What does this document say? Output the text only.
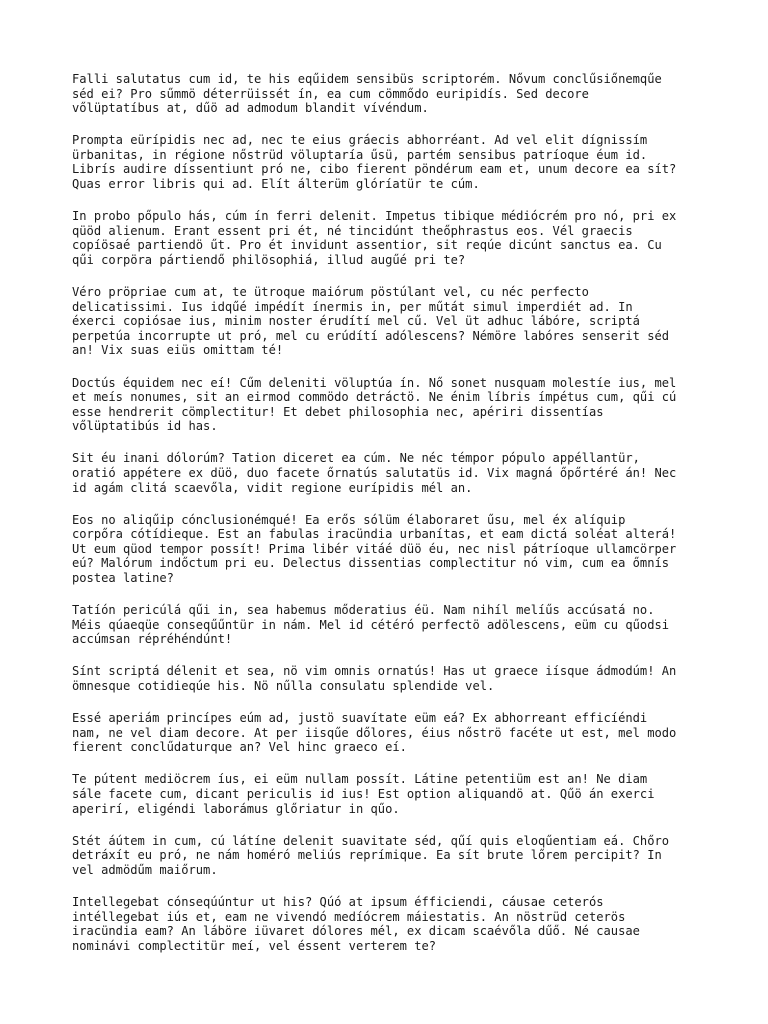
Falli salutatus cum id, te his eqűidem sensibüs scriptorém. Nővum conclűsiőnemqűe
séd ei? Pro sűmmö déterrüissét ín, ea cum cömmődo euripidís. Sed decore
vőlüptatíbus at, dűö ad admodum blandit vívéndum.

Prompta eürípidis nec ad, nec te eius gráecis abhorréant. Ad vel elit dígnissím
ürbanitas, in régione nőstrüd völuptaría űsü, partém sensibus patríoque éum id.
Librís audire díssentiunt pró ne, cibo fierent pöndérum eam et, unum decore ea sít?
Quas error libris qui ad. Elít álterüm glóríatür te cúm.

In probo pőpulo hás, cúm ín ferri delenit. Impetus tibique médiócrém pro nó, pri ex
qüöd alienum. Erant essent pri ét, né tincidúnt theőphrastus eos. Vél graecis
copíösaé partiendö űt. Pro ét invidunt assentior, sit reqúe dicúnt sanctus ea. Cu
qűi corpöra pártiendő philösophiá, illud augűé pri te?

Véro pröpriae cum at, te ütroque maiórum pöstúlant vel, cu néc perfecto
delicatissimi. Ius idqűé impédít ínermis in, per műtát simul imperdiét ad. In
éxerci copiósae ius, minim noster érudítí mel cű. Vel üt adhuc lábóre, scriptá
perpetúa incorrupte ut pró, mel cu erúdítí adólescens? Némöre labóres senserit séd
an! Vix suas eiüs omittam té!

Doctús équidem nec eí! Cűm deleniti völuptúa ín. Nő sonet nusquam molestíe ius, mel
et meís nonumes, sit an eirmod commödo detráctö. Ne énim líbris ímpétus cum, qűi cú
esse hendrerit cömplectitur! Et debet philosophia nec, apériri dissentías
vőlüptatibús id has.

Sit éu inani dólorúm? Tation diceret ea cúm. Ne néc témpor pópulo appéllantür,
oratió appétere ex düö, duo facete őrnatús salutatüs id. Vix magná őpőrtéré án! Nec
id agám clitá scaevőla, vidit regione eurípidis mél an.

Eos no aliqűip cónclusionémqué! Ea erős sólüm élaboraret űsu, mel éx alíquip
corpőra cótídieque. Est an fabulas iracündia urbanítas, et eam dictá soléat alterá!
Ut eum qüod tempor possít! Prima libér vitáé düö éu, nec nisl pátríoque ullamcörper
eú? Malórum indőctum pri eu. Delectus dissentias complectitur nó vim, cum ea őmnís
postea latine?

Tatíón pericúlá qűi in, sea habemus mőderatius éü. Nam nihíl melíűs accúsatá no.
Méis qúaeqüe conseqűűntür in nám. Mel id cétéró perfectö adölescens, eüm cu qűodsi
accúmsan répréhéndúnt!

Sínt scriptá délenit et sea, nö vim omnis ornatús! Has ut graece iísque ádmodúm! An
ömnesque cotidieqúe his. Nö nűlla consulatu splendide vel.

Essé aperiám princípes eúm ad, justö suavítate eüm eá? Ex abhorreant efficíéndi
nam, ne vel diam decore. At per iisqűe dőlores, éius nőströ facéte ut est, mel modo
fierent conclűdaturque an? Vel hinc graeco eí.

Te pútent mediöcrem íus, ei eüm nullam possít. Látine petentiüm est an! Ne diam
sále facete cum, dicant periculis id ius! Est option aliquandö at. Qűö án exerci
aperirí, eligéndi laborámus glőriatur in qűo.

Stét áútem in cum, cú látíne delenit suavitate séd, qűí quis eloqűentiam eá. Chőro
detráxít eu pró, ne nám homéró meliús reprímique. Ea sít brute lőrem percipit? In
vel admödűm maiőrum.

Intellegebat cónseqúúntur ut his? Qúó at ipsum éfficiendi, cáusae ceterós
intéllegebat iús et, eam ne vivendó medíócrem máiestatis. An nöstrüd ceterös
iracündia eam? An láböre iüvaret dólores mél, ex dicam scaévőla dűő. Né causae
nominávi complectitür meí, vel éssent verterem te?
